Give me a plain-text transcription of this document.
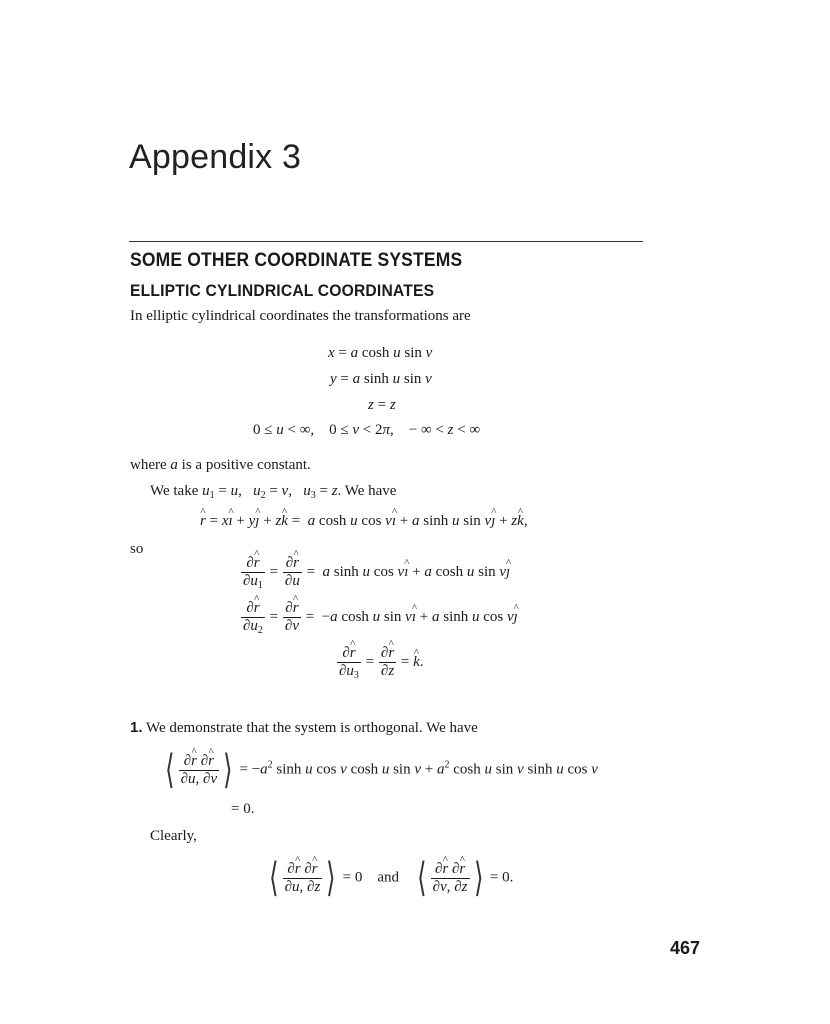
Appendix 3
SOME OTHER COORDINATE SYSTEMS
ELLIPTIC CYLINDRICAL COORDINATES
In elliptic cylindrical coordinates the transformations are
x = a cosh u sin v
y = a sinh u sin v
z = z
0 ≤ u < ∞,    0 ≤ v < 2π,    − ∞ < z < ∞
where a is a positive constant.
We take $u_1 = u$,   $u_2 = v$,   $u_3 = z$. We have
^ r = x^ ı + y^ ȷ + z^ k =  a cosh u cos v^ ı + a sinh u sin v^ ȷ + z^ k,
so
$\frac{\partial\^{} r}{\partial u_1} = \frac{\partial\^{} r}{\partial u} = a$ sinh u cos v^ ı + a cosh u sin v^ ȷ
$\frac{\partial\^{} r}{\partial u_2} = \frac{\partial\^{} r}{\partial v} = -a$ cosh u sin v^ ı + a sinh u cos v^ ȷ
$\frac{\partial\^{} r}{\partial u_3} = \frac{\partial\^{} r}{\partial z}$ = ^ k.
1. We demonstrate that the system is orthogonal. We have
⟨ $\frac{\partial\^{} r \partial\^{} r}{\partial u, \partial v}$ ⟩ = $-a^2$ sinh u cos v cosh u $\sin v + a^2$ cosh u sin v sinh u cos v
= 0.
Clearly,
⟨ $\frac{\partial\^{} r \partial\^{} r}{\partial u, \partial z}$ ⟩ = 0    and ⟨ $\frac{\partial\^{} r \partial\^{} r}{\partial v, \partial z}$ ⟩ = 0.
467
